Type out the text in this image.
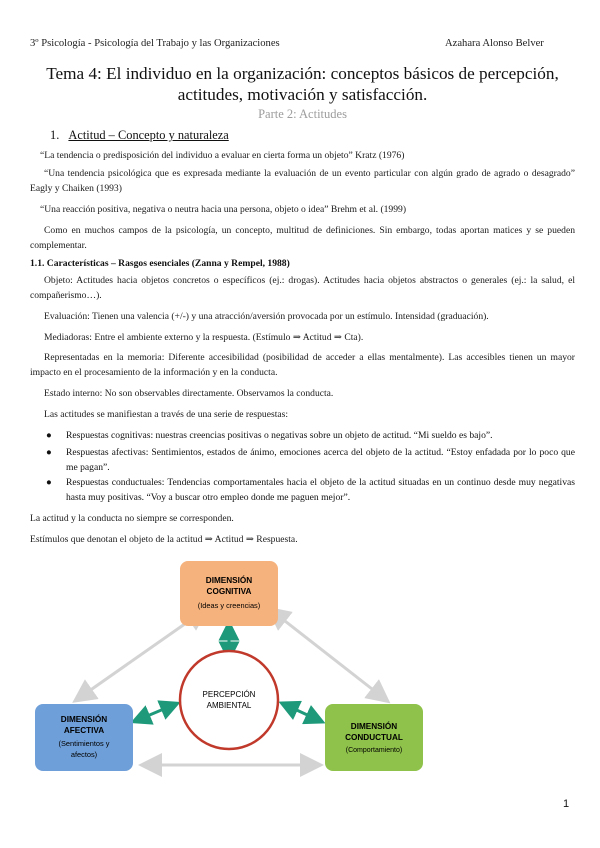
3º Psicología - Psicología del Trabajo y las Organizaciones	Azahara Alonso Belver
Tema 4: El individuo en la organización: conceptos básicos de percepción, actitudes, motivación y satisfacción.
Parte 2: Actitudes
1. Actitud – Concepto y naturaleza
“La tendencia o predisposición del individuo a evaluar en cierta forma un objeto” Kratz (1976)
“Una tendencia psicológica que es expresada mediante la evaluación de un evento particular con algún grado de agrado o desagrado” Eagly y Chaiken (1993)
“Una reacción positiva, negativa o neutra hacia una persona, objeto o idea” Brehm et al. (1999)
Como en muchos campos de la psicología, un concepto, multitud de definiciones. Sin embargo, todas aportan matices y se pueden complementar.
1.1. Características – Rasgos esenciales (Zanna y Rempel, 1988)
Objeto: Actitudes hacia objetos concretos o específicos (ej.: drogas). Actitudes hacia objetos abstractos o generales (ej.: la salud, el compañerismo…).
Evaluación: Tienen una valencia (+/-) y una atracción/aversión provocada por un estímulo. Intensidad (graduación).
Mediadoras: Entre el ambiente externo y la respuesta. (Estímulo ⇒ Actitud ⇒ Cta).
Representadas en la memoria: Diferente accesibilidad (posibilidad de acceder a ellas mentalmente). Las accesibles tienen un mayor impacto en el procesamiento de la información y en la conducta.
Estado interno: No son observables directamente. Observamos la conducta.
Las actitudes se manifiestan a través de una serie de respuestas:
● Respuestas cognitivas: nuestras creencias positivas o negativas sobre un objeto de actitud. “Mi sueldo es bajo”.
● Respuestas afectivas: Sentimientos, estados de ánimo, emociones acerca del objeto de la actitud. “Estoy enfadada por lo poco que me pagan”.
● Respuestas conductuales: Tendencias comportamentales hacia el objeto de la actitud situadas en un continuo desde muy negativas hasta muy positivas. “Voy a buscar otro empleo donde me paguen mejor”.
La actitud y la conducta no siempre se corresponden.
Estímulos que denotan el objeto de la actitud ⇒ Actitud ⇒ Respuesta.
DIMENSIÓN
COGNITIVA
(Ideas y creencias)
DIMENSIÓN
AFECTIVA
(Sentimientos y
afectos)
DIMENSIÓN
CONDUCTUAL
(Comportamiento)
PERCEPCIÓN
AMBIENTAL
1
